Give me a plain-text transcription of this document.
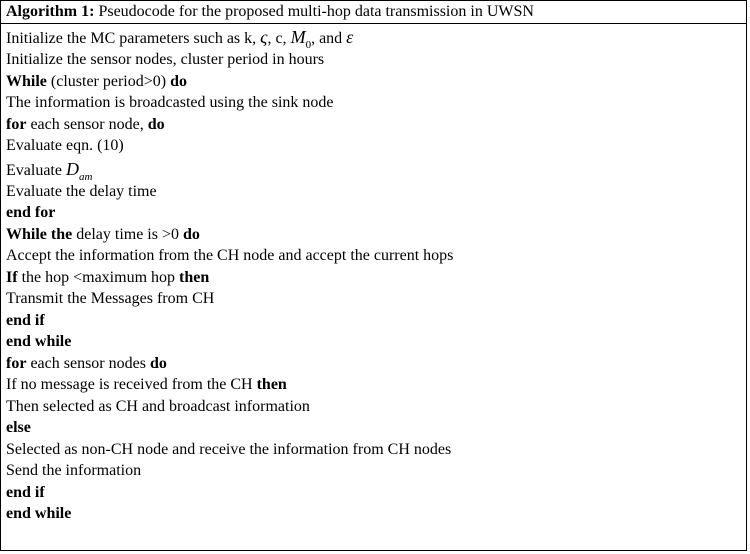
Algorithm 1: Pseudocode for the proposed multi-hop data transmission in UWSN
Initialize the MC parameters such as k, ς, c, $M_0$, and ε
Initialize the sensor nodes, cluster period in hours
While (cluster period>0) do
The information is broadcasted using the sink node
for each sensor node, do
Evaluate eqn. (10)
Evaluate $D_{am}$
Evaluate the delay time
end for
While the delay time is >0 do
Accept the information from the CH node and accept the current hops
If the hop <maximum hop then
Transmit the Messages from CH
end if
end while
for each sensor nodes do
If no message is received from the CH then
Then selected as CH and broadcast information
else
Selected as non-CH node and receive the information from CH nodes
Send the information
end if
end while
